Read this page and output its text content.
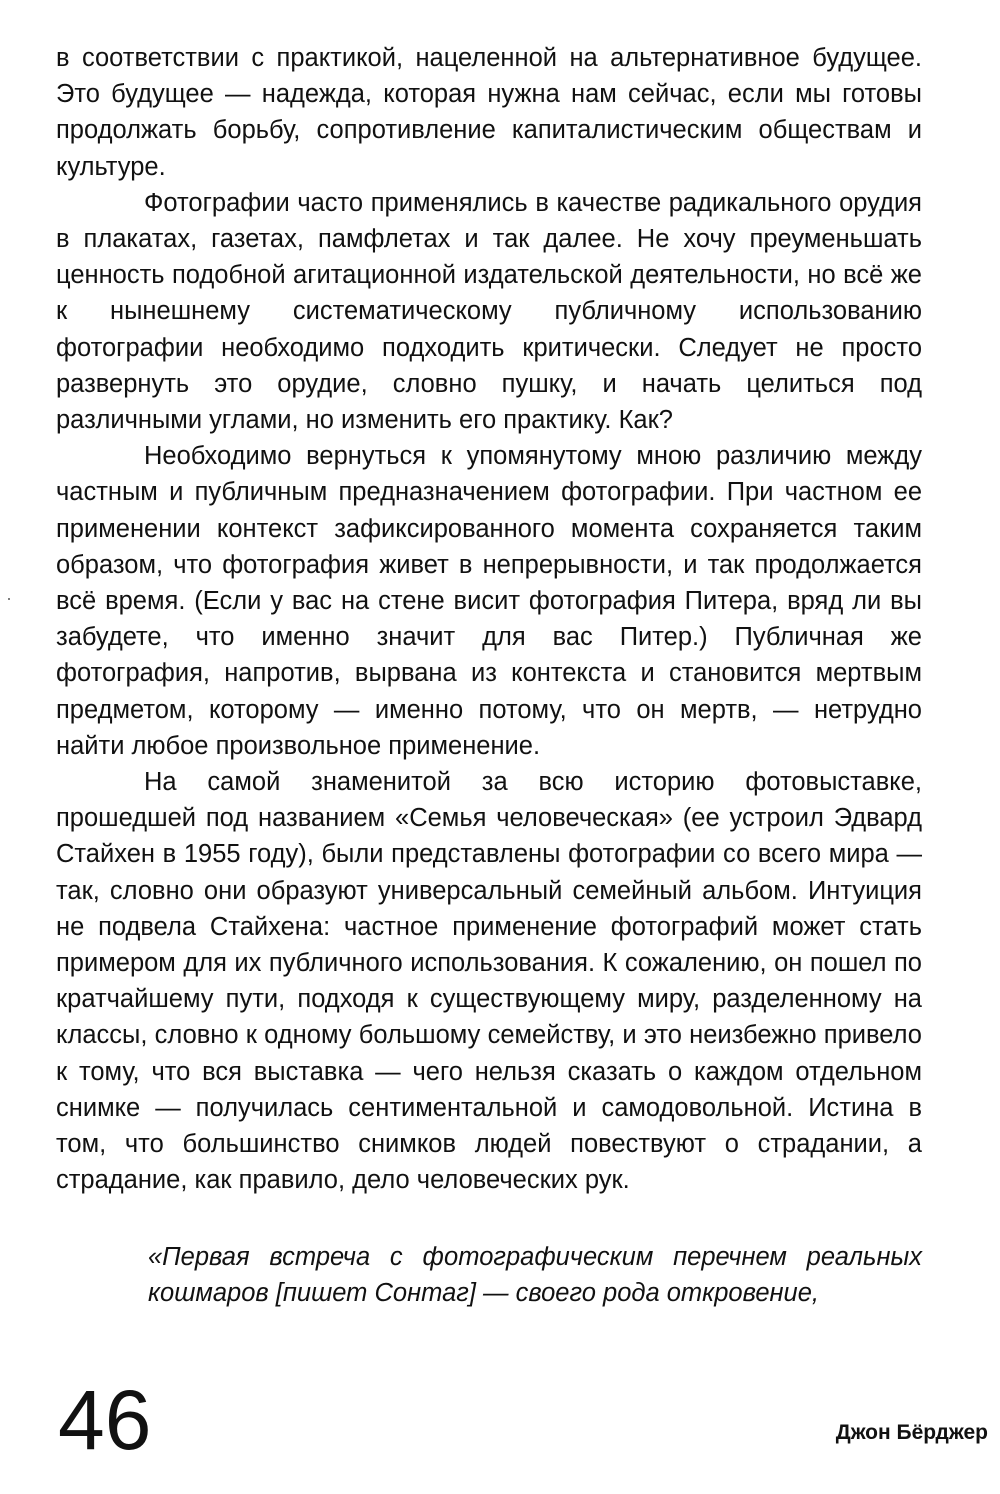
в соответствии с практикой, нацеленной на альтернативное будущее. Это будущее — надежда, которая нужна нам сейчас, если мы готовы продолжать борьбу, сопротивление капиталистическим обществам и культуре.

Фотографии часто применялись в качестве радикального орудия в плакатах, газетах, памфлетах и так далее. Не хочу преуменьшать ценность подобной агитационной издательской деятельности, но всё же к нынешнему систематическому публичному использованию фотографии необходимо подходить критически. Следует не просто развернуть это орудие, словно пушку, и начать целиться под различными углами, но изменить его практику. Как?

Необходимо вернуться к упомянутому мною различию между частным и публичным предназначением фотографии. При частном ее применении контекст зафиксированного момента сохраняется таким образом, что фотография живет в непрерывности, и так продолжается всё время. (Если у вас на стене висит фотография Питера, вряд ли вы забудете, что именно значит для вас Питер.) Публичная же фотография, напротив, вырвана из контекста и становится мертвым предметом, которому — именно потому, что он мертв, — нетрудно найти любое произвольное применение.

На самой знаменитой за всю историю фотовыставке, прошедшей под названием «Семья человеческая» (ее устроил Эдвард Стайхен в 1955 году), были представлены фотографии со всего мира — так, словно они образуют универсальный семейный альбом. Интуиция не подвела Стайхена: частное применение фотографий может стать примером для их публичного использования. К сожалению, он пошел по кратчайшему пути, подходя к существующему миру, разделенному на классы, словно к одному большому семейству, и это неизбежно привело к тому, что вся выставка — чего нельзя сказать о каждом отдельном снимке — получилась сентиментальной и самодовольной. Истина в том, что большинство снимков людей повествуют о страдании, а страдание, как правило, дело человеческих рук.

«Первая встреча с фотографическим перечнем реальных кошмаров [пишет Сонтаг] — своего рода откровение,

46	Джон Бёрджер
